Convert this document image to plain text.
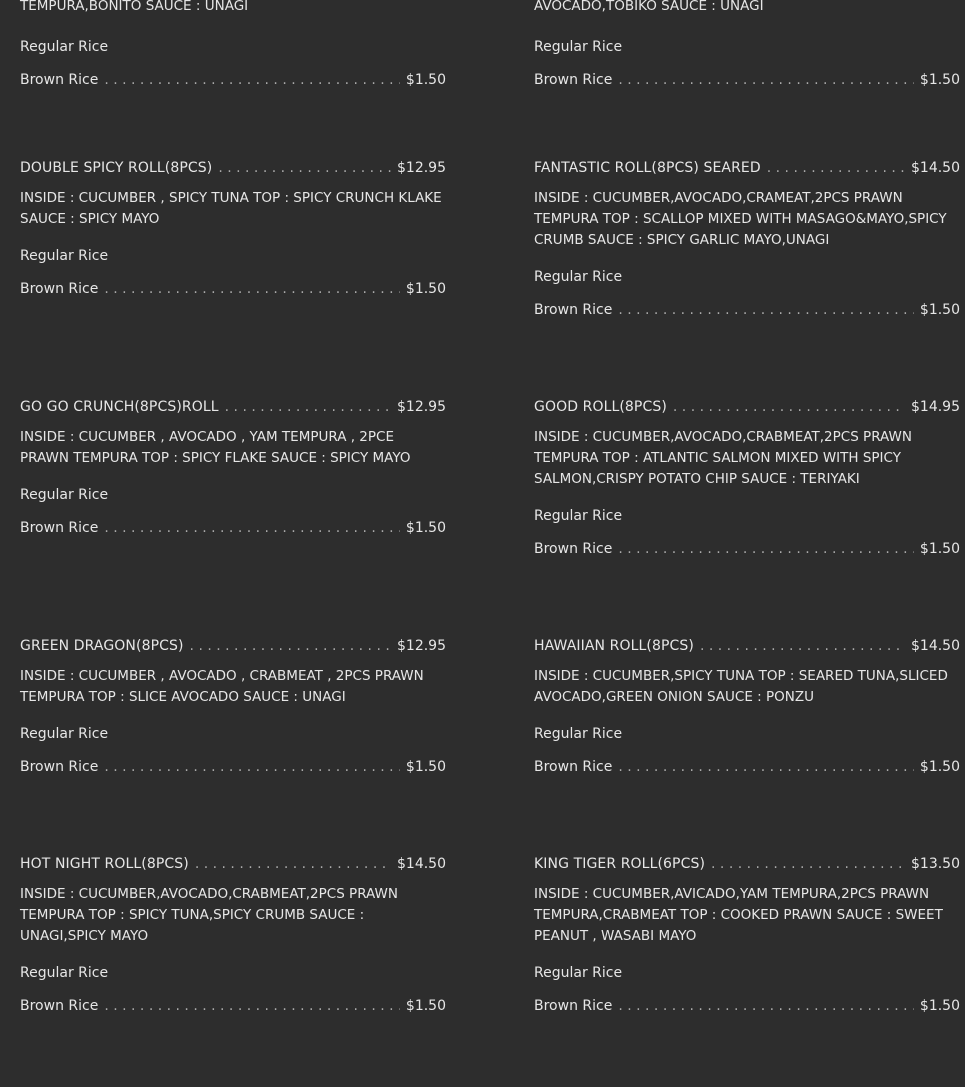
TEMPURA,BONITO SAUCE : UNAGI
Regular Rice
Brown Rice . . .	$1.50
DOUBLE SPICY ROLL(8PCS) . . .	$12.95
INSIDE : CUCUMBER , SPICY TUNA TOP : SPICY CRUNCH KLAKE SAUCE : SPICY MAYO
Regular Rice
Brown Rice . . .	$1.50
GO GO CRUNCH(8PCS)ROLL . . .	$12.95
INSIDE : CUCUMBER , AVOCADO , YAM TEMPURA , 2PCE PRAWN TEMPURA TOP : SPICY FLAKE SAUCE : SPICY MAYO
Regular Rice
Brown Rice . . .	$1.50
GREEN DRAGON(8PCS) . . .	$12.95
INSIDE : CUCUMBER , AVOCADO , CRABMEAT , 2PCS PRAWN TEMPURA TOP : SLICE AVOCADO SAUCE : UNAGI
Regular Rice
Brown Rice . . .	$1.50
HOT NIGHT ROLL(8PCS) . . .	$14.50
INSIDE : CUCUMBER,AVOCADO,CRABMEAT,2PCS PRAWN TEMPURA TOP : SPICY TUNA,SPICY CRUMB SAUCE : UNAGI,SPICY MAYO
Regular Rice
Brown Rice . . .	$1.50
AVOCADO,TOBIKO SAUCE : UNAGI
Regular Rice
Brown Rice . . .	$1.50
FANTASTIC ROLL(8PCS) SEARED . . .	$14.50
INSIDE : CUCUMBER,AVOCADO,CRAMEAT,2PCS PRAWN TEMPURA TOP : SCALLOP MIXED WITH MASAGO&MAYO,SPICY CRUMB SAUCE : SPICY GARLIC MAYO,UNAGI
Regular Rice
Brown Rice . . .	$1.50
GOOD ROLL(8PCS) . . .	$14.95
INSIDE : CUCUMBER,AVOCADO,CRABMEAT,2PCS PRAWN TEMPURA TOP : ATLANTIC SALMON MIXED WITH SPICY SALMON,CRISPY POTATO CHIP SAUCE : TERIYAKI
Regular Rice
Brown Rice . . .	$1.50
HAWAIIAN ROLL(8PCS) . . .	$14.50
INSIDE : CUCUMBER,SPICY TUNA TOP : SEARED TUNA,SLICED AVOCADO,GREEN ONION SAUCE : PONZU
Regular Rice
Brown Rice . . .	$1.50
KING TIGER ROLL(6PCS) . . .	$13.50
INSIDE : CUCUMBER,AVICADO,YAM TEMPURA,2PCS PRAWN TEMPURA,CRABMEAT TOP : COOKED PRAWN SAUCE : SWEET PEANUT , WASABI MAYO
Regular Rice
Brown Rice . . .	$1.50
